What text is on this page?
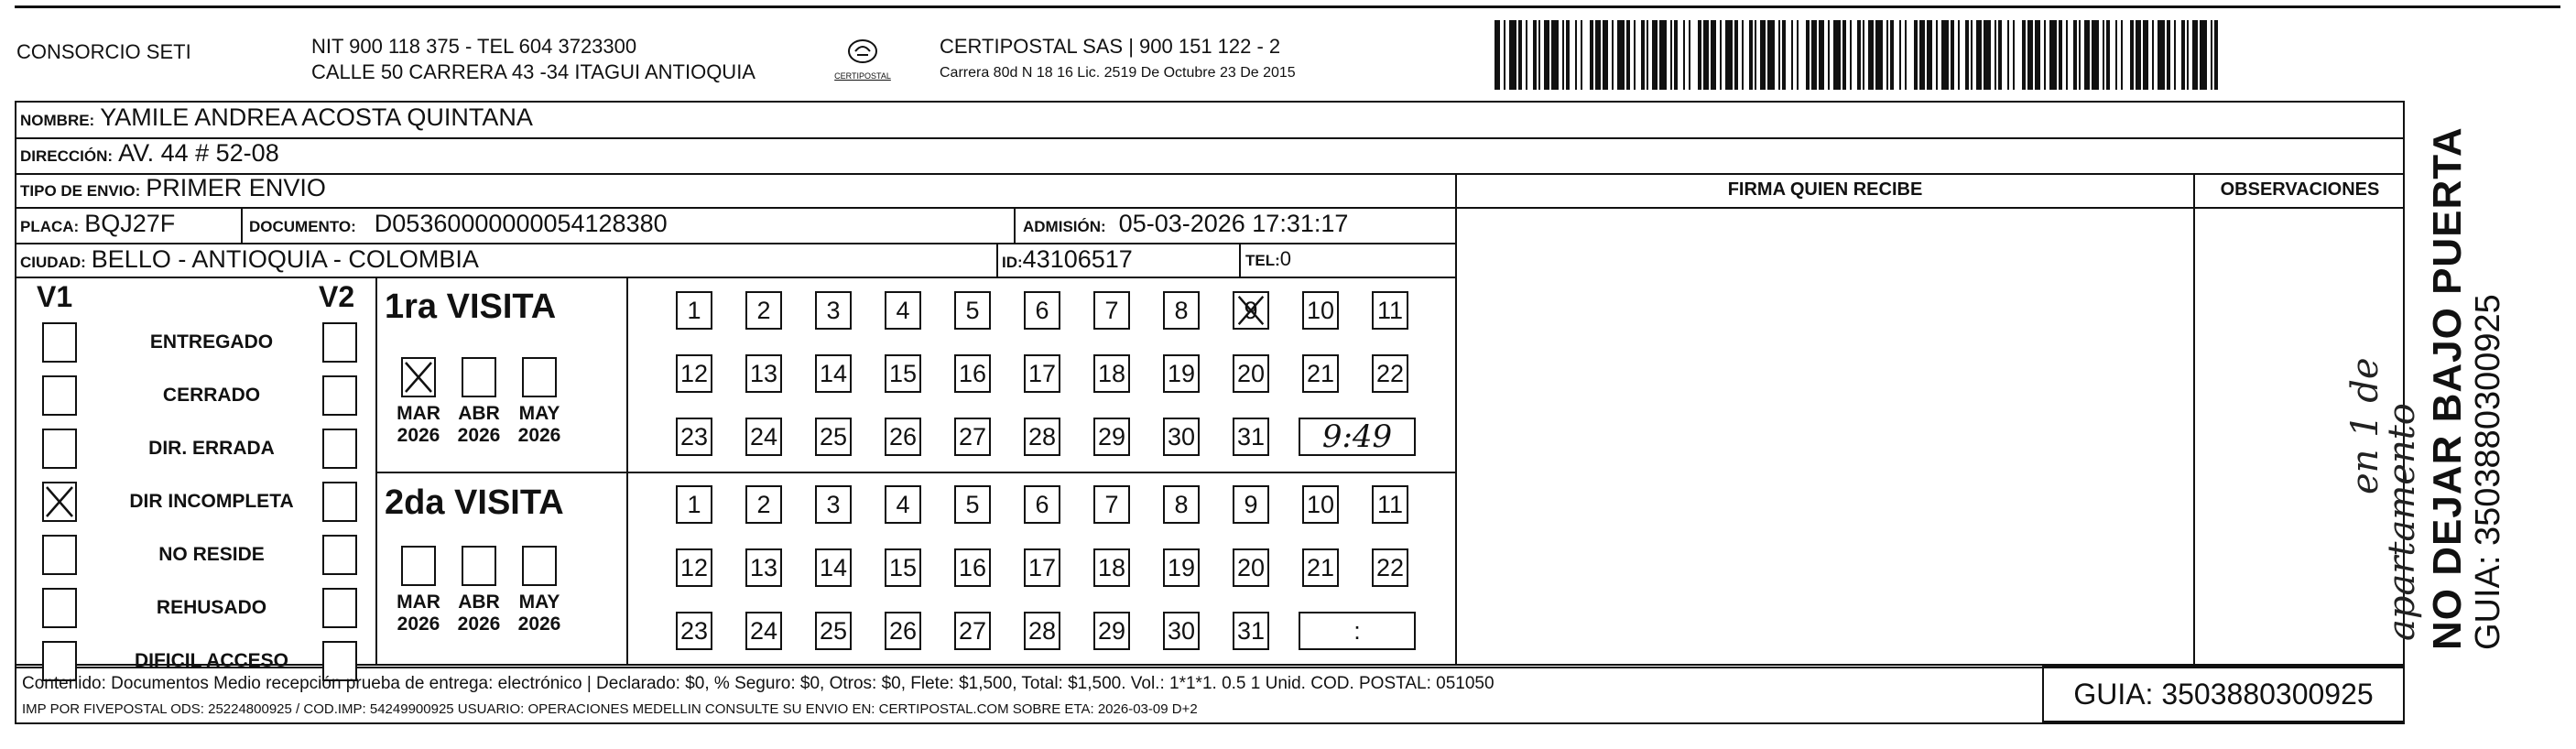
CONSORCIO SETI	NIT 900 118 375 - TEL 604 3723300
CALLE 50 CARRERA 43 -34 ITAGUI ANTIOQUIA	CERTIPOSTAL
CERTIPOSTAL SAS | 900 151 122 - 2
Carrera 80d N 18 16 Lic. 2519 De Octubre 23 De 2015
NOMBRE: YAMILE ANDREA ACOSTA QUINTANA
DIRECCIÓN: AV. 44 # 52-08
TIPO DE ENVIO: PRIMER ENVIO
PLACA: BQJ27F	DOCUMENTO: D05360000000054128380	ADMISIÓN: 05-03-2026 17:31:17
CIUDAD: BELLO - ANTIOQUIA - COLOMBIA	ID: 43106517	TEL: 0
FIRMA QUIEN RECIBE	OBSERVACIONES
en 1 de
apartamento
V1	V2
ENTREGADO
CERRADO
DIR. ERRADA
DIR INCOMPLETA
NO RESIDE
REHUSADO
DIFICIL ACCESO
1ra VISITA
MAR
2026
ABR
2026
MAY
2026
1	2	3	4	5	6	7	8	9 10 11
12 13 14 15 16 17 18 19 20 21 22
23 24 25 26 27 28 29 30 31	9:49
2da VISITA
MAR
2026
ABR
2026
MAY
2026
1	2	3	4	5	6	7	8	9	10 11
12 13 14 15 16 17 18 19 20 21 22
23 24 25 26 27 28 29 30 31	:	NO DEJAR BAJO PUERTA GUIA: 3503880300925
Contenido: Documentos Medio recepción prueba de entrega: electrónico | Declarado: $0, % Seguro: $0, Otros: $0, Flete: $1,500, Total: $1,500. Vol.: 1*1*1. 0.5 1 Unid. COD. POSTAL: 051050
IMP POR FIVEPOSTAL ODS: 25224800925 / COD.IMP: 54249900925 USUARIO: OPERACIONES MEDELLIN CONSULTE SU ENVIO EN: CERTIPOSTAL.COM SOBRE ETA: 2026-03-09 D+2	GUIA: 3503880300925
